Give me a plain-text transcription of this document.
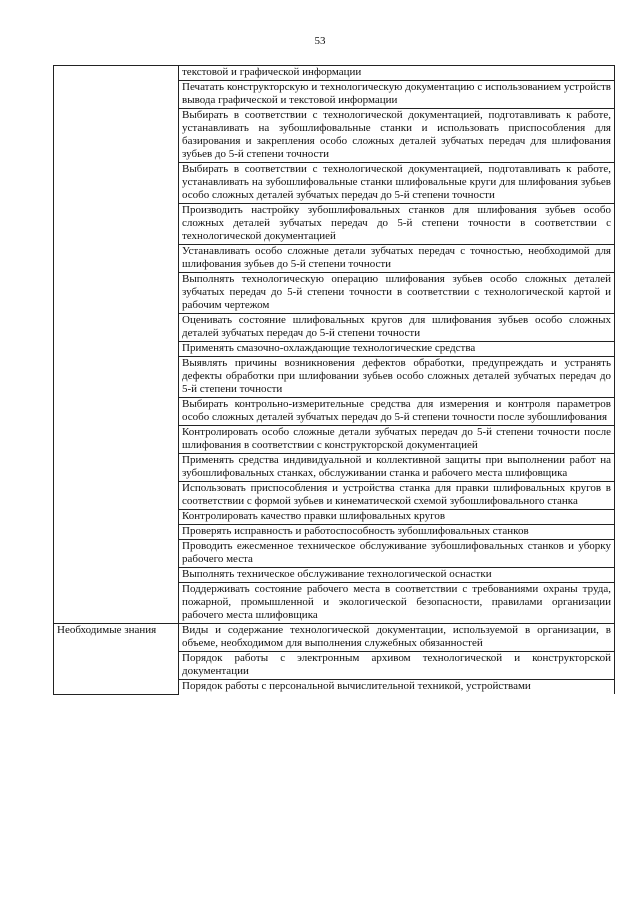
53
	текстовой и графической информации
	Печатать конструкторскую и технологическую документацию с использованием устройств вывода графической и текстовой информации
	Выбирать в соответствии с технологической документацией, подготавливать к работе, устанавливать на зубошлифовальные станки и использовать приспособления для базирования и закрепления особо сложных деталей зубчатых передач для шлифования зубьев до 5-й степени точности
	Выбирать в соответствии с технологической документацией, подготавливать к работе, устанавливать на зубошлифовальные станки шлифовальные круги для шлифования зубьев особо сложных деталей зубчатых передач до 5-й степени точности
	Производить настройку зубошлифовальных станков для шлифования зубьев особо сложных деталей зубчатых передач до 5-й степени точности в соответствии с технологической документацией
	Устанавливать особо сложные детали зубчатых передач с точностью, необходимой для шлифования зубьев до 5-й степени точности
	Выполнять технологическую операцию шлифования зубьев особо сложных деталей зубчатых передач до 5-й степени точности в соответствии с технологической картой и рабочим чертежом
	Оценивать состояние шлифовальных кругов для шлифования зубьев особо сложных деталей зубчатых передач до 5-й степени точности
	Применять смазочно-охлаждающие технологические средства
	Выявлять причины возникновения дефектов обработки, предупреждать и устранять дефекты обработки при шлифовании зубьев особо сложных деталей зубчатых передач до 5-й степени точности
	Выбирать контрольно-измерительные средства для измерения и контроля параметров особо сложных деталей зубчатых передач до 5-й степени точности после зубошлифования
	Контролировать особо сложные детали зубчатых передач до 5-й степени точности после шлифования в соответствии с конструкторской документацией
	Применять средства индивидуальной и коллективной защиты при выполнении работ на зубошлифовальных станках, обслуживании станка и рабочего места шлифовщика
	Использовать приспособления и устройства станка для правки шлифовальных кругов в соответствии с формой зубьев и кинематической схемой зубошлифовального станка
	Контролировать качество правки шлифовальных кругов
	Проверять исправность и работоспособность зубошлифовальных станков
	Проводить ежесменное техническое обслуживание зубошлифовальных станков и уборку рабочего места
	Выполнять техническое обслуживание технологической оснастки
	Поддерживать состояние рабочего места в соответствии с требованиями охраны труда, пожарной, промышленной и экологической безопасности, правилами организации рабочего места шлифовщика
Необходимые знания	Виды и содержание технологической документации, используемой в организации, в объеме, необходимом для выполнения служебных обязанностей
	Порядок работы с электронным архивом технологической и конструкторской документации
	Порядок работы с персональной вычислительной техникой, устройствами
